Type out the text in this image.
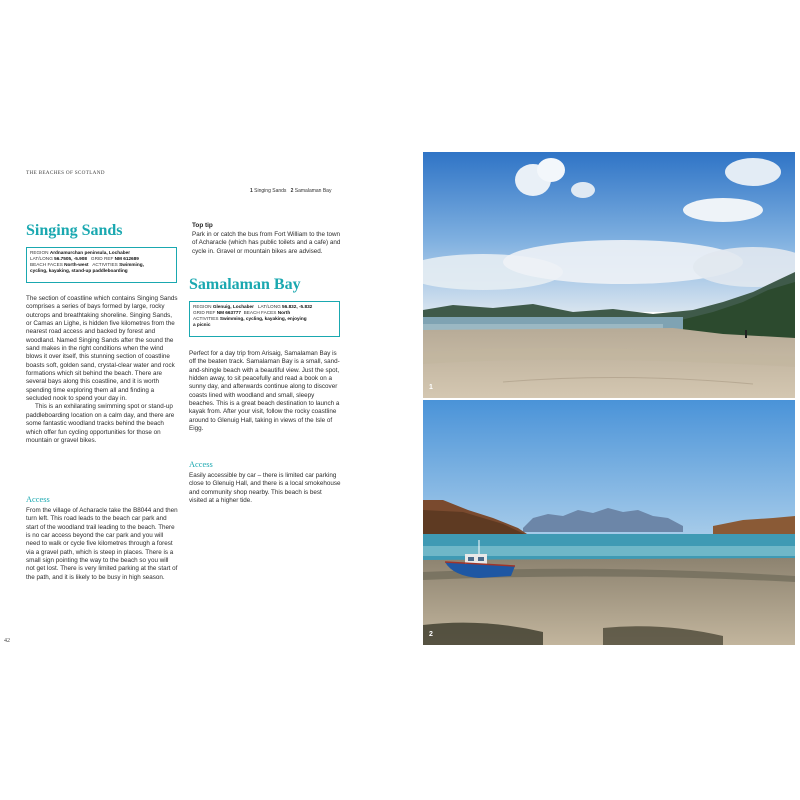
THE BEACHES OF SCOTLAND
1 Singing Sands 2 Samalaman Bay
Singing Sands
REGION Ardnamurchan peninsula, Lochaber
LAT/LONG 56.7505, -5.908 GRID REF NM 612689
BEACH FACES North-west ACTIVITIES Swimming,
cycling, kayaking, stand-up paddleboarding

The section of coastline which contains Singing Sands comprises a series of bays formed by large, rocky outcrops and breathtaking shoreline. Singing Sands, or Camas an Lighe, is hidden five kilometres from the nearest road access and backed by forest and woodland. Named Singing Sands after the sound the sand makes in the right conditions when the wind blows it over itself, this stunning section of coastline boasts soft, golden sand, crystal-clear water and rock formations which sit behind the beach. There are several bays along this coastline, and it is worth spending time exploring them all and finding a secluded nook to spend your day in.

This is an exhilarating swimming spot or stand-up paddleboarding location on a calm day, and there are some fantastic woodland tracks behind the beach which offer fun cycling opportunities for those on mountain or gravel bikes.

Access

From the village of Acharacle take the B8044 and then turn left. This road leads to the beach car park and start of the woodland trail leading to the beach. There is no car access beyond the car park and you will need to walk or cycle five kilometres through a forest via a gravel path, which is steep in places. There is a small sign pointing the way to the beach so you will not get lost. There is very limited parking at the start of the path, and it is likely to be busy in high season.

Top tip

Park in or catch the bus from Fort William to the town of Acharacle (which has public toilets and a cafe) and cycle in. Gravel or mountain bikes are advised.

Samalaman Bay
REGION Glenuig, Lochaber LAT/LONG 56.832, -5.832
GRID REF NM 663777 BEACH FACES North
ACTIVITIES Swimming, cycling, kayaking, enjoying
a picnic

Perfect for a day trip from Arisaig, Samalaman Bay is off the beaten track. Samalaman Bay is a small, sand-and-shingle beach with a beautiful view. Just the spot, hidden away, to sit peacefully and read a book on a sunny day, and afterwards continue along to discover coasts lined with woodland and small, sleepy beaches. This is a great beach destination to launch a kayak from. After your visit, follow the rocky coastline around to Glenuig Hall, taking in views of the Isle of Eigg.

Access

Easily accessible by car – there is limited car parking close to Glenuig Hall, and there is a local smokehouse and community shop nearby. This beach is best visited at a higher tide.

42
1
2
